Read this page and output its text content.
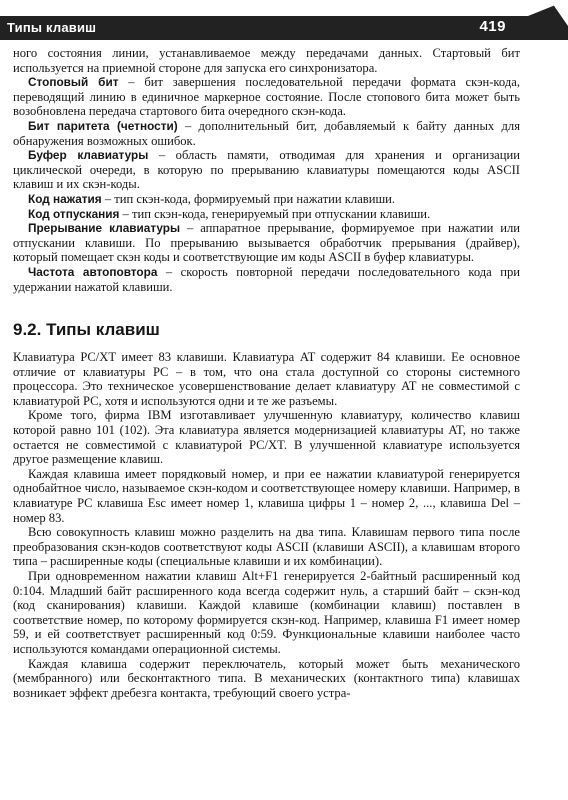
Типы клавиш	419

ного состояния линии, устанавливаемое между передачами данных. Стартовый бит используется на приемной стороне для запуска его синхронизатора.

Стоповый бит – бит завершения последовательной передачи формата скэн-кода, переводящий линию в единичное маркерное состояние. После стопового бита может быть возобновлена передача стартового бита очередного скэн-кода.

Бит паритета (четности) – дополнительный бит, добавляемый к байту данных для обнаружения возможных ошибок.

Буфер клавиатуры – область памяти, отводимая для хранения и организации циклической очереди, в которую по прерыванию клавиатуры помещаются коды ASCII клавиш и их скэн-коды.

Код нажатия – тип скэн-кода, формируемый при нажатии клавиши.

Код отпускания – тип скэн-кода, генерируемый при отпускании клавиши.

Прерывание клавиатуры – аппаратное прерывание, формируемое при нажатии или отпускании клавиши. По прерыванию вызывается обработчик прерывания (драйвер), который помещает скэн коды и соответствующие им коды ASCII в буфер клавиатуры.

Частота автоповтора – скорость повторной передачи последовательного кода при удержании нажатой клавиши.

9.2. Типы клавиш

Клавиатура PC/XT имеет 83 клавиши. Клавиатура AT содержит 84 клавиши. Ее основное отличие от клавиатуры PC – в том, что она стала доступной со стороны системного процессора. Это техническое усовершенствование делает клавиатуру AT не совместимой с клавиатурой PC, хотя и используются одни и те же разъемы.

Кроме того, фирма IBM изготавливает улучшенную клавиатуру, количество клавиш которой равно 101 (102). Эта клавиатура является модернизацией клавиатуры AT, но также остается не совместимой с клавиатурой PC/XT. В улучшенной клавиатуре используется другое размещение клавиш.

Каждая клавиша имеет порядковый номер, и при ее нажатии клавиатурой генерируется однобайтное число, называемое скэн-кодом и соответствующее номеру клавиши. Например, в клавиатуре PC клавиша Esc имеет номер 1, клавиша цифры 1 – номер 2, ..., клавиша Del – номер 83.

Всю совокупность клавиш можно разделить на два типа. Клавишам первого типа после преобразования скэн-кодов соответствуют коды ASCII (клавиши ASCII), а клавишам второго типа – расширенные коды (специальные клавиши и их комбинации).

При одновременном нажатии клавиш Alt+F1 генерируется 2-байтный расширенный код 0:104. Младший байт расширенного кода всегда содержит нуль, а старший байт – скэн-код (код сканирования) клавиши. Каждой клавише (комбинации клавиш) поставлен в соответствие номер, по которому формируется скэн-код. Например, клавиша F1 имеет номер 59, и ей соответствует расширенный код 0:59. Функциональные клавиши наиболее часто используются командами операционной системы.

Каждая клавиша содержит переключатель, который может быть механического (мембранного) или бесконтактного типа. В механических (контактного типа) клавишах возникает эффект дребезга контакта, требующий своего устра-
